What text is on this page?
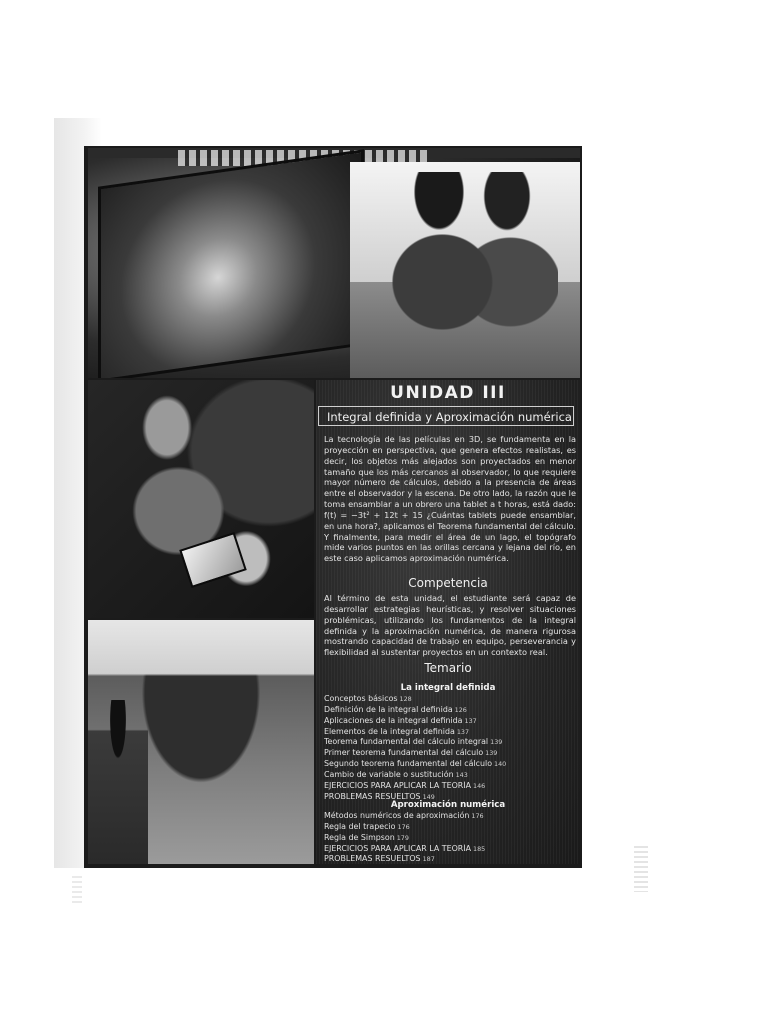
UNIDAD III
Integral definida y Aproximación numérica
La tecnología de las películas en 3D, se fundamenta en la proyección en perspectiva, que genera efectos realistas, es decir, los objetos más alejados son proyectados en menor tamaño que los más cercanos al observador, lo que requiere mayor número de cálculos, debido a la presencia de áreas entre el observador y la escena. De otro lado, la razón que le toma ensamblar a un obrero una tablet a t horas, está dado: f(t) = −3t² + 12t + 15 ¿Cuántas tablets puede ensamblar, en una hora?, aplicamos el Teorema fundamental del cálculo. Y finalmente, para medir el área de un lago, el topógrafo mide varios puntos en las orillas cercana y lejana del río, en este caso aplicamos aproximación numérica.
Competencia
Al término de esta unidad, el estudiante será capaz de desarrollar estrategias heurísticas, y resolver situaciones problémicas, utilizando los fundamentos de la integral definida y la aproximación numérica, de manera rigurosa mostrando capacidad de trabajo en equipo, perseverancia y flexibilidad al sustentar proyectos en un contexto real.
Temario
La integral definida
Conceptos básicos 128
Definición de la integral definida 126
Aplicaciones de la integral definida 137
Elementos de la integral definida 137
Teorema fundamental del cálculo integral 139
Primer teorema fundamental del cálculo 139
Segundo teorema fundamental del cálculo 140
Cambio de variable o sustitución 143
EJERCICIOS PARA APLICAR LA TEORÍA 146
PROBLEMAS RESUELTOS 149
Aproximación numérica
Métodos numéricos de aproximación 176
Regla del trapecio 176
Regla de Simpson 179
EJERCICIOS PARA APLICAR LA TEORÍA 185
PROBLEMAS RESUELTOS 187
